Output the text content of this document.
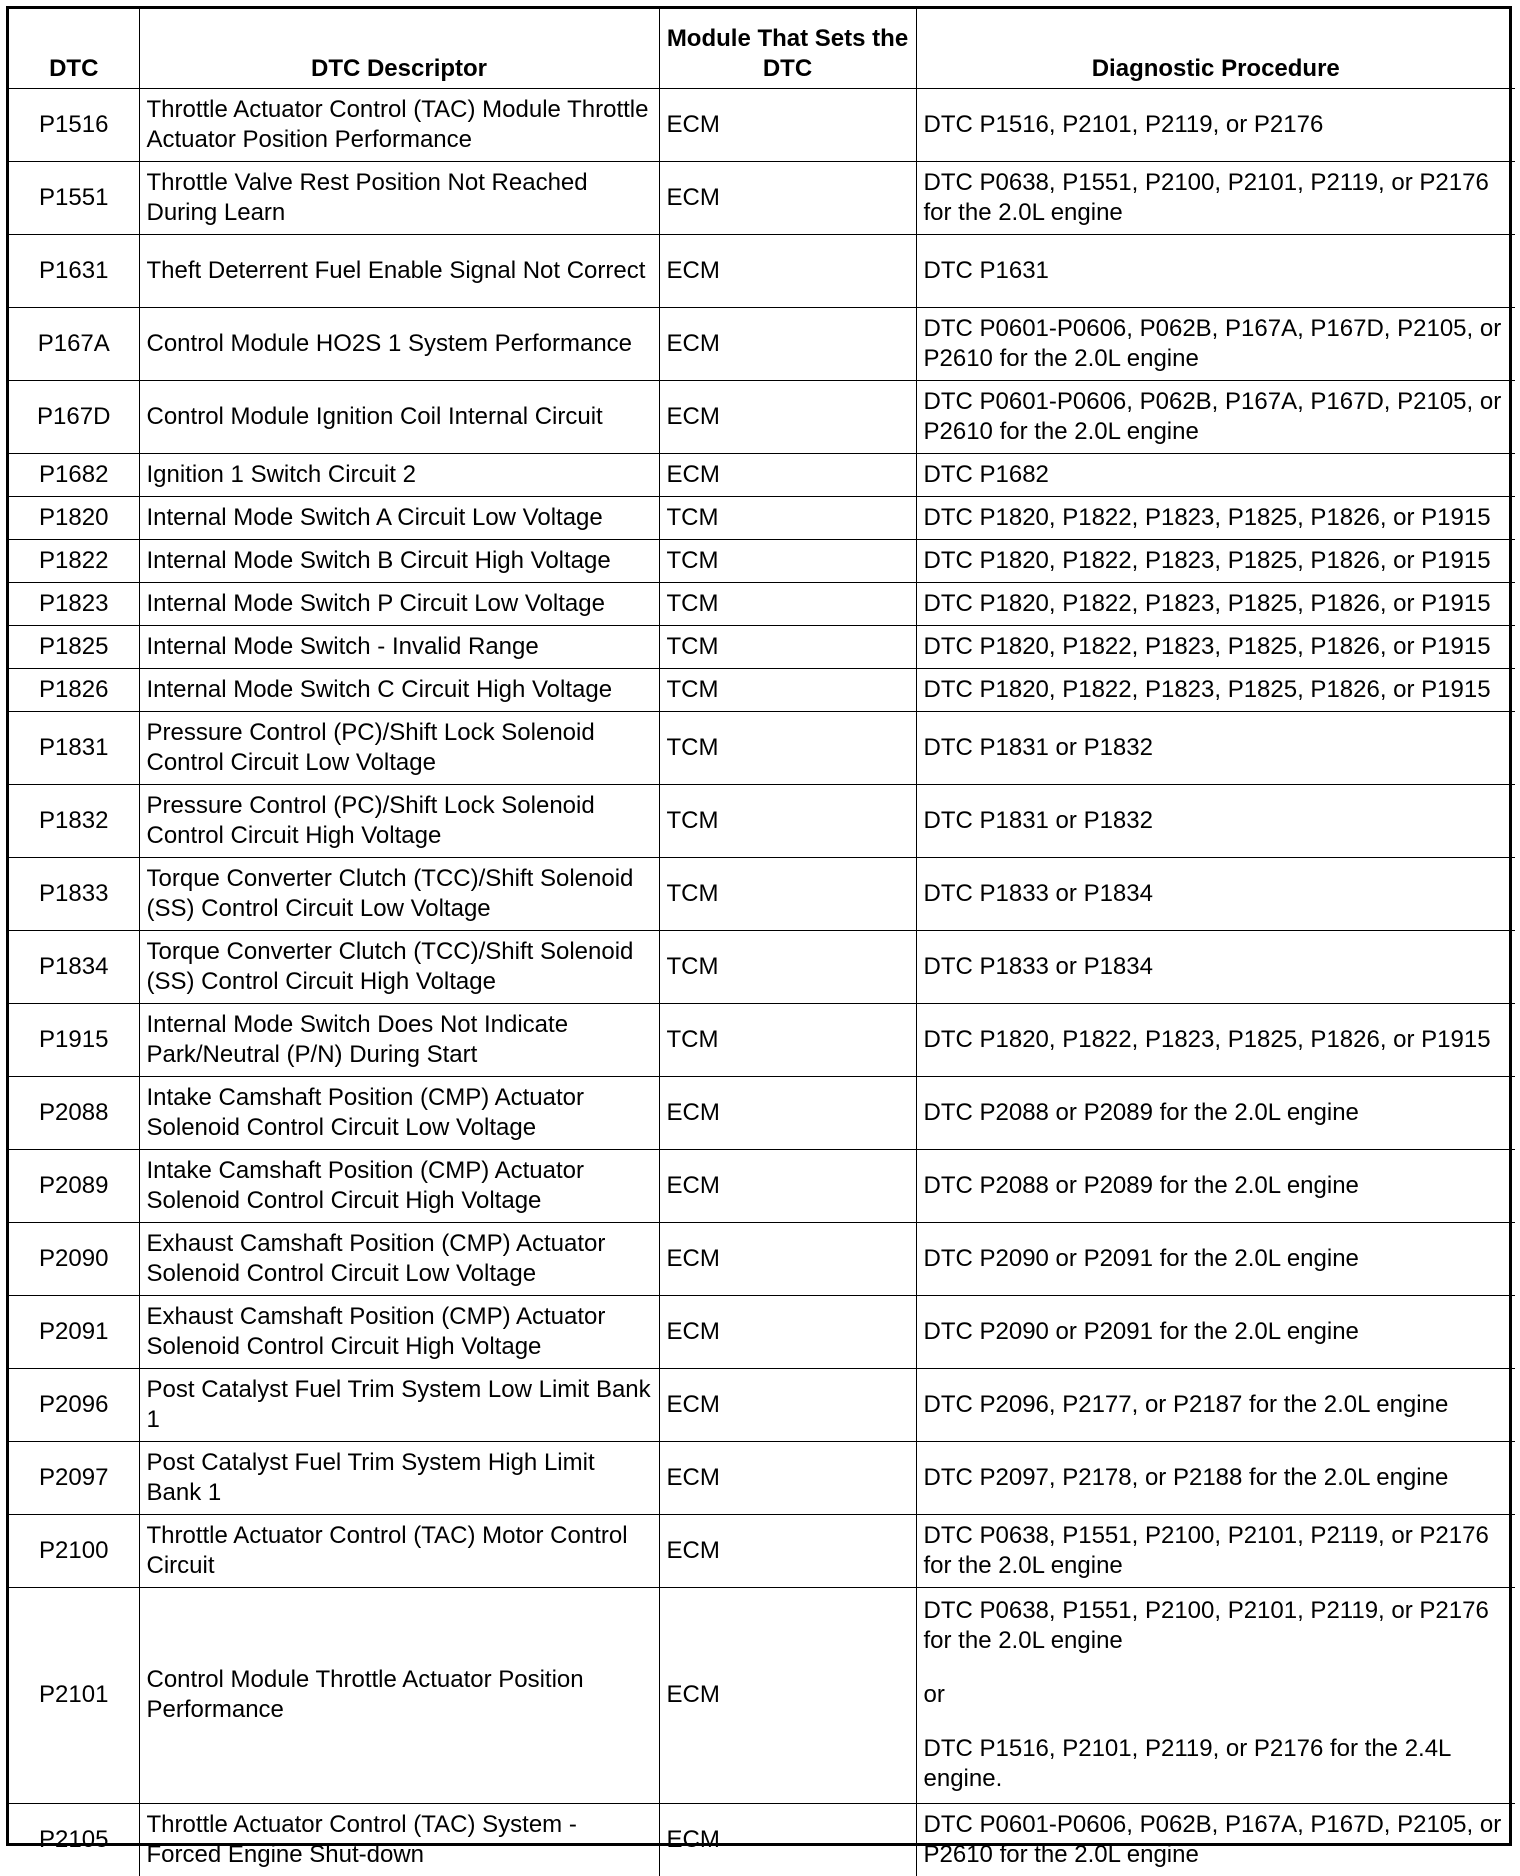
DTC	DTC Descriptor	Module That Sets the DTC	Diagnostic Procedure
P1516	Throttle Actuator Control (TAC) Module Throttle Actuator Position Performance	ECM	DTC P1516, P2101, P2119, or P2176

P1551	Throttle Valve Rest Position Not Reached During Learn	ECM	DTC P0638, P1551, P2100, P2101, P2119, or P2176 for the 2.0L engine

P1631	Theft Deterrent Fuel Enable Signal Not Correct	ECM	DTC P1631

P167A	Control Module HO2S 1 System Performance	ECM	DTC P0601-P0606, P062B, P167A, P167D, P2105, or P2610 for the 2.0L engine

P167D	Control Module Ignition Coil Internal Circuit	ECM	DTC P0601-P0606, P062B, P167A, P167D, P2105, or P2610 for the 2.0L engine

P1682	Ignition 1 Switch Circuit 2	ECM	DTC P1682

P1820	Internal Mode Switch A Circuit Low Voltage	TCM	DTC P1820, P1822, P1823, P1825, P1826, or P1915

P1822	Internal Mode Switch B Circuit High Voltage	TCM	DTC P1820, P1822, P1823, P1825, P1826, or P1915

P1823	Internal Mode Switch P Circuit Low Voltage	TCM	DTC P1820, P1822, P1823, P1825, P1826, or P1915

P1825	Internal Mode Switch - Invalid Range	TCM	DTC P1820, P1822, P1823, P1825, P1826, or P1915

P1826	Internal Mode Switch C Circuit High Voltage	TCM	DTC P1820, P1822, P1823, P1825, P1826, or P1915

P1831	Pressure Control (PC)/Shift Lock Solenoid Control Circuit Low Voltage	TCM	DTC P1831 or P1832

P1832	Pressure Control (PC)/Shift Lock Solenoid Control Circuit High Voltage	TCM	DTC P1831 or P1832

P1833	Torque Converter Clutch (TCC)/Shift Solenoid (SS) Control Circuit Low Voltage	TCM	DTC P1833 or P1834

P1834	Torque Converter Clutch (TCC)/Shift Solenoid (SS) Control Circuit High Voltage	TCM	DTC P1833 or P1834

P1915	Internal Mode Switch Does Not Indicate Park/Neutral (P/N) During Start	TCM	DTC P1820, P1822, P1823, P1825, P1826, or P1915

P2088	Intake Camshaft Position (CMP) Actuator Solenoid Control Circuit Low Voltage	ECM	DTC P2088 or P2089 for the 2.0L engine

P2089	Intake Camshaft Position (CMP) Actuator Solenoid Control Circuit High Voltage	ECM	DTC P2088 or P2089 for the 2.0L engine

P2090	Exhaust Camshaft Position (CMP) Actuator Solenoid Control Circuit Low Voltage	ECM	DTC P2090 or P2091 for the 2.0L engine

P2091	Exhaust Camshaft Position (CMP) Actuator Solenoid Control Circuit High Voltage	ECM	DTC P2090 or P2091 for the 2.0L engine

P2096	Post Catalyst Fuel Trim System Low Limit Bank 1	ECM	DTC P2096, P2177, or P2187 for the 2.0L engine

P2097	Post Catalyst Fuel Trim System High Limit Bank 1	ECM	DTC P2097, P2178, or P2188 for the 2.0L engine

P2100	Throttle Actuator Control (TAC) Motor Control Circuit	ECM	DTC P0638, P1551, P2100, P2101, P2119, or P2176 for the 2.0L engine

P2101	Control Module Throttle Actuator Position Performance	ECM	DTC P0638, P1551, P2100, P2101, P2119, or P2176 for the 2.0L engine
or
DTC P1516, P2101, P2119, or P2176 for the 2.4L engine.

P2105	Throttle Actuator Control (TAC) System - Forced Engine Shut-down	ECM	DTC P0601-P0606, P062B, P167A, P167D, P2105, or P2610 for the 2.0L engine
